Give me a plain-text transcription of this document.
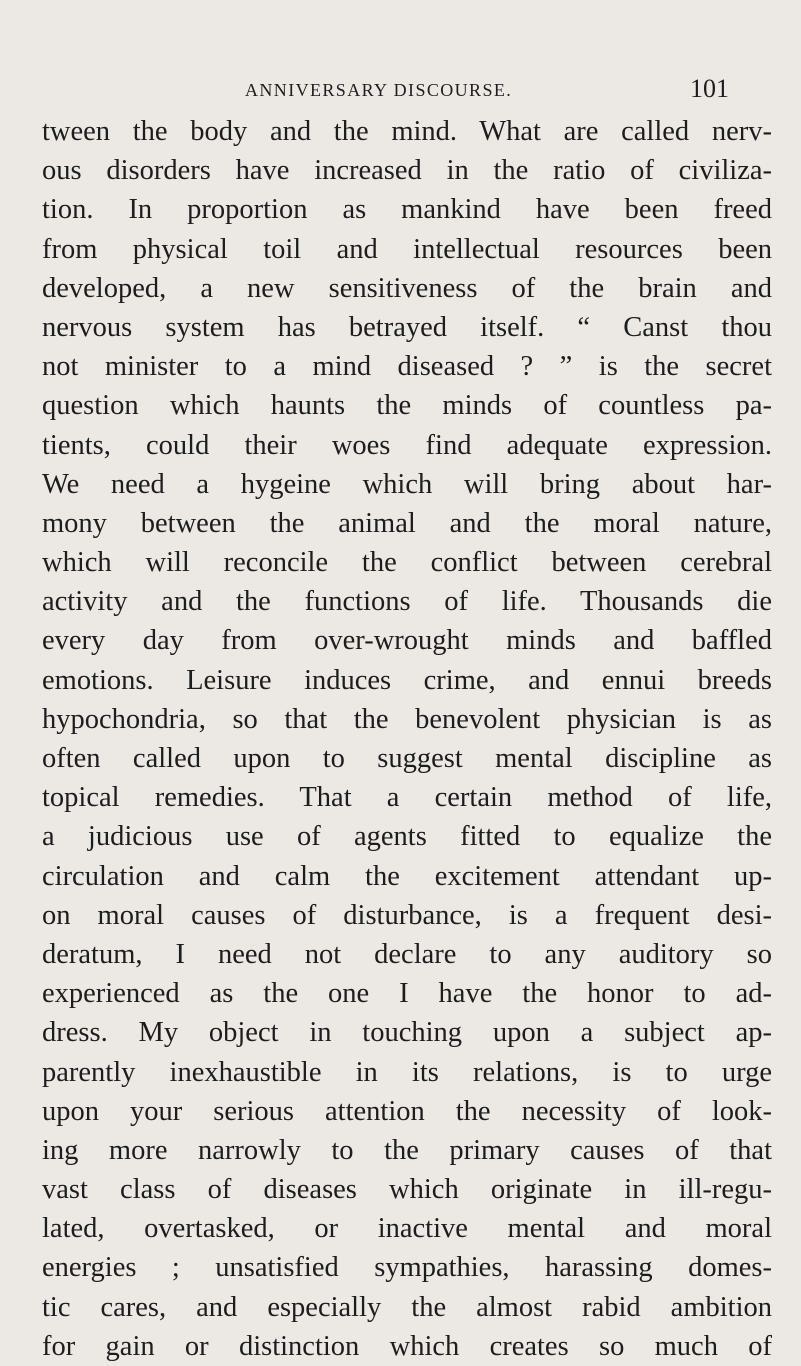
ANNIVERSARY DISCOURSE.	101
tween the body and the mind. What are called nerv-
ous disorders have increased in the ratio of civiliza-
tion. In proportion as mankind have been freed
from physical toil and intellectual resources been
developed, a new sensitiveness of the brain and
nervous system has betrayed itself. “ Canst thou
not minister to a mind diseased ? ” is the secret
question which haunts the minds of countless pa-
tients, could their woes find adequate expression.
We need a hygeine which will bring about har-
mony between the animal and the moral nature,
which will reconcile the conflict between cerebral
activity and the functions of life. Thousands die
every day from over-wrought minds and baffled
emotions. Leisure induces crime, and ennui breeds
hypochondria, so that the benevolent physician is as
often called upon to suggest mental discipline as
topical remedies. That a certain method of life,
a judicious use of agents fitted to equalize the
circulation and calm the excitement attendant up-
on moral causes of disturbance, is a frequent desi-
deratum, I need not declare to any auditory so
experienced as the one I have the honor to ad-
dress. My object in touching upon a subject ap-
parently inexhaustible in its relations, is to urge
upon your serious attention the necessity of look-
ing more narrowly to the primary causes of that
vast class of diseases which originate in ill-regu-
lated, overtasked, or inactive mental and moral
energies ; unsatisfied sympathies, harassing domes-
tic cares, and especially the almost rabid ambition
for gain or distinction which creates so much of
